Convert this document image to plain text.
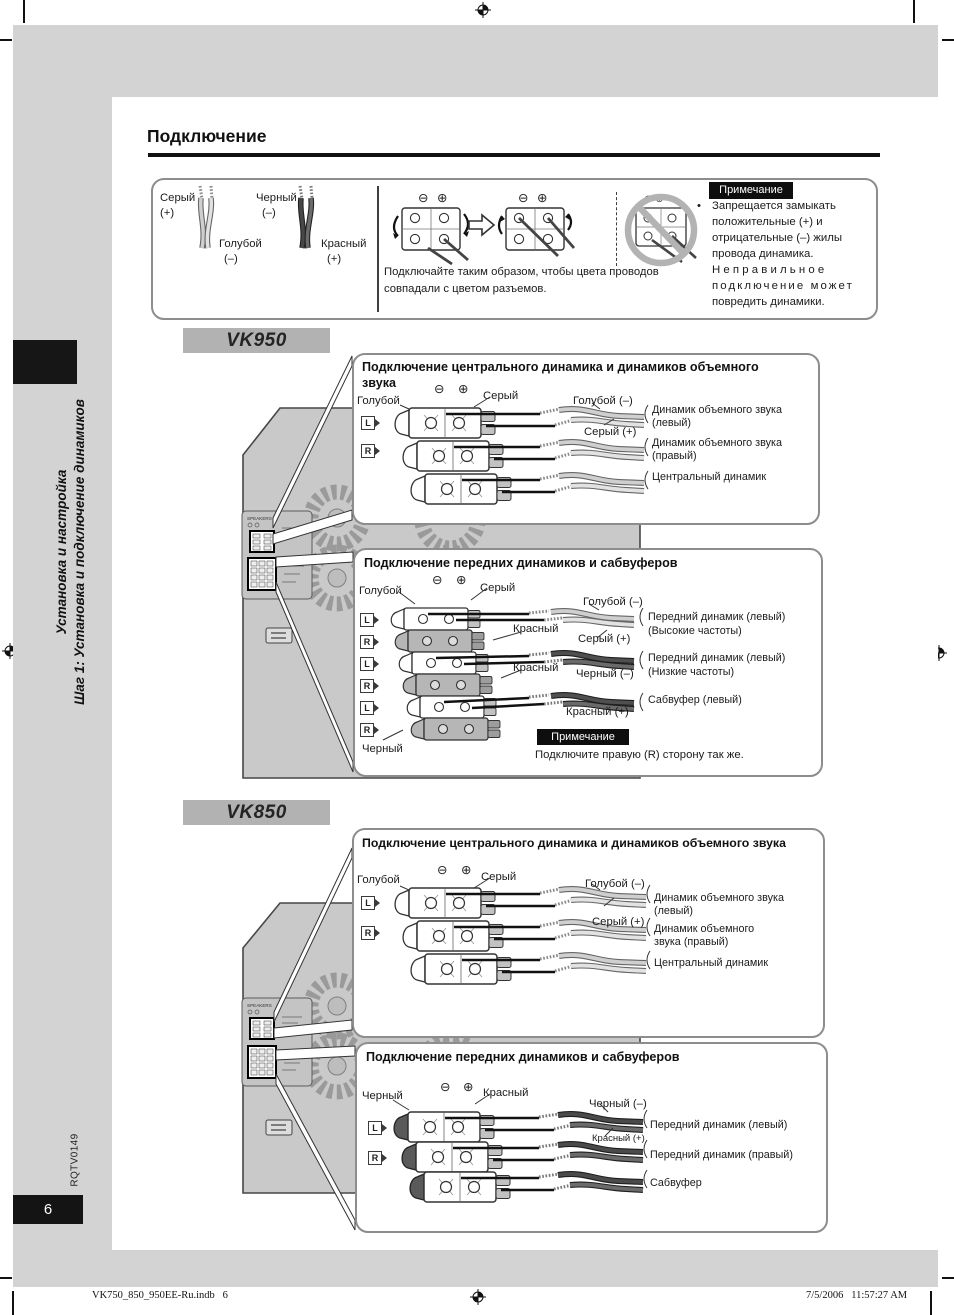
Установка и настройка Шаг 1: Установка и подключение динамиков
RQTV0149
6
Подключение
Серый
(+)
Голубой
(–)
Черный
(–)
Красный
(+)
⊖ ⊕	⊖ ⊕
Подключайте таким образом, чтобы цвета проводов
совпадали с цветом разъемов.
⊖ ⊕
Примечание
• Запрещается замыкать
положительные (+) и
отрицательные (–) жилы
провода динамика.
Н е п р а в и л ь н о е
подключение может
повредить динамики.
VK950
SPEAKERS
Подключение центрального динамика и динамиков объемного
звука
Голубой
⊖ ⊕ Серый
L
R
Голубой (–)
Серый (+)
Динамик объемного звука
(левый)
Динамик объемного звука
(правый)
Центральный динамик
Подключение передних динамиков и сабвуферов
Голубой
⊖ ⊕
Серый
L
R
L
R
L
R
Голубой (–)
Серый (+)
Красный
Красный Черный (–)
Красный (+)
Черный
Передний динамик (левый)
(Высокие частоты)
Передний динамик (левый)
(Низкие частоты)
Сабвуфер (левый)
Примечание
Подключите правую (R) сторону так же.
VK850
SPEAKERS
Подключение центрального динамика и динамиков объемного звука
Голубой
⊖ ⊕ Серый
L
R
Голубой (–)
Серый (+)
Динамик объемного звука
(левый)
Динамик объемного
звука (правый)
Центральный динамик
Подключение передних динамиков и сабвуферов
Черный
⊖ ⊕ Красный
L
R
Черный (–)
Красный (+)
Передний динамик (левый)
Передний динамик (правый)
Сабвуфер
VK750_850_950EE-Ru.indb   6	7/5/2006   11:57:27 AM
